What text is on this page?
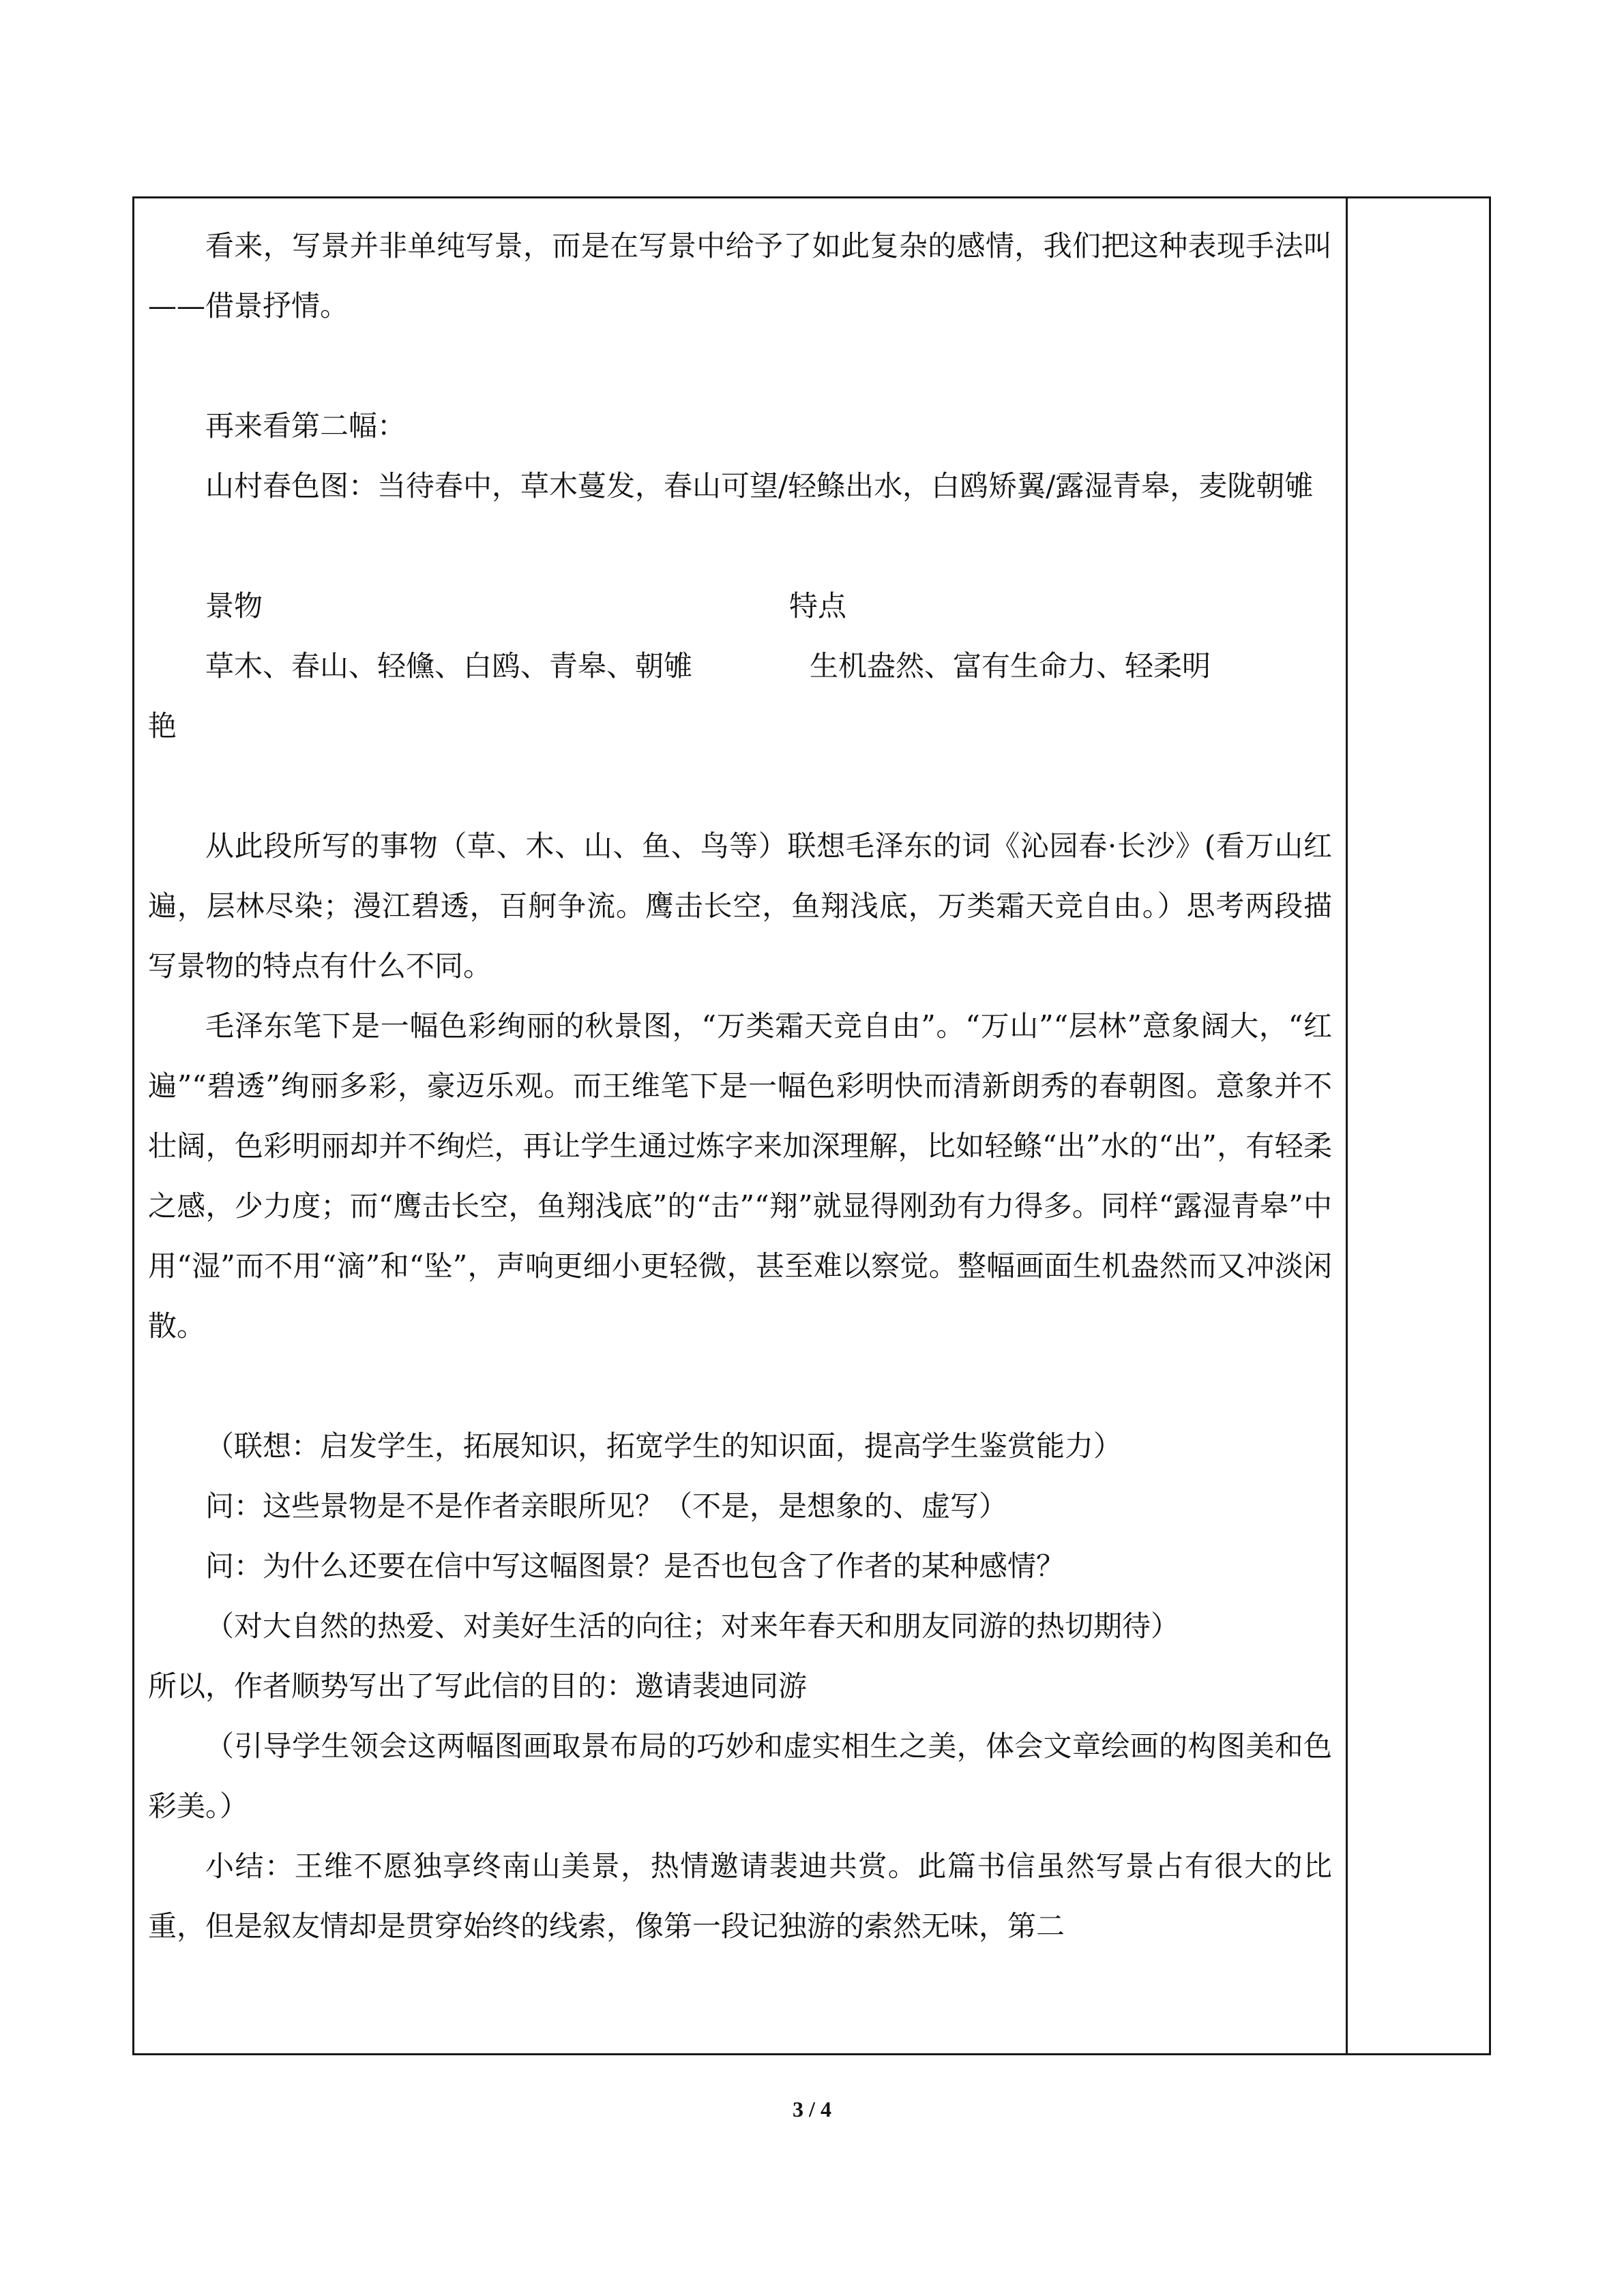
看来，写景并非单纯写景，而是在写景中给予了如此复杂的感情，我们把这种表现手法叫——借景抒情。

再来看第二幅：

山村春色图：当待春中，草木蔓发，春山可望/轻鲦出水，白鸥矫翼/露湿青皋，麦陇朝雊

景物	特点
草木、春山、轻儵、白鸥、青皋、朝雊	生机盎然、富有生命力、轻柔明

艳

从此段所写的事物（草、木、山、鱼、鸟等）联想毛泽东的词《沁园春·长沙》(看万山红遍，层林尽染；漫江碧透，百舸争流。鹰击长空，鱼翔浅底，万类霜天竞自由。）思考两段描写景物的特点有什么不同。

毛泽东笔下是一幅色彩绚丽的秋景图，“万类霜天竞自由”。“万山”“层林”意象阔大，“红遍”“碧透”绚丽多彩，豪迈乐观。而王维笔下是一幅色彩明快而清新朗秀的春朝图。意象并不壮阔，色彩明丽却并不绚烂，再让学生通过炼字来加深理解，比如轻鲦“出”水的“出”，有轻柔之感，少力度；而“鹰击长空，鱼翔浅底”的“击”“翔”就显得刚劲有力得多。同样“露湿青皋”中用“湿”而不用“滴”和“坠”，声响更细小更轻微，甚至难以察觉。整幅画面生机盎然而又冲淡闲散。

（联想：启发学生，拓展知识，拓宽学生的知识面，提高学生鉴赏能力）

问：这些景物是不是作者亲眼所见？（不是，是想象的、虚写）

问：为什么还要在信中写这幅图景？是否也包含了作者的某种感情？

（对大自然的热爱、对美好生活的向往；对来年春天和朋友同游的热切期待）

所以，作者顺势写出了写此信的目的：邀请裴迪同游

（引导学生领会这两幅图画取景布局的巧妙和虚实相生之美，体会文章绘画的构图美和色彩美。）

小结：王维不愿独享终南山美景，热情邀请裴迪共赏。此篇书信虽然写景占有很大的比重，但是叙友情却是贯穿始终的线索，像第一段记独游的索然无味，第二

3 / 4
